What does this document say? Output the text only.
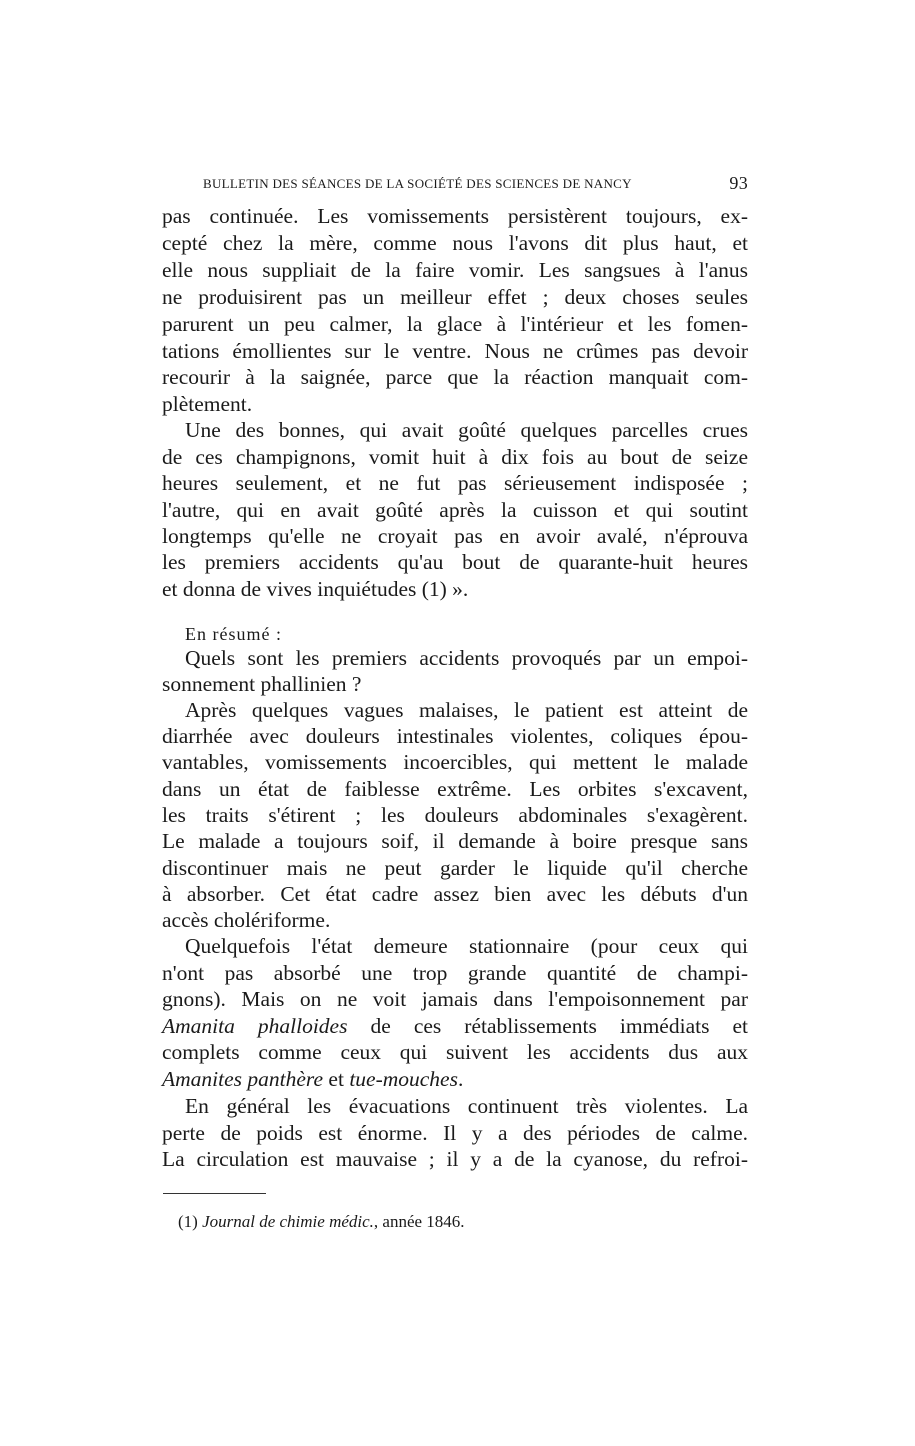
BULLETIN DES SÉANCES DE LA SOCIÉTÉ DES SCIENCES DE NANCY	93
pas continuée. Les vomissements persistèrent toujours, ex-
cepté chez la mère, comme nous l'avons dit plus haut, et
elle nous suppliait de la faire vomir. Les sangsues à l'anus
ne produisirent pas un meilleur effet ; deux choses seules
parurent un peu calmer, la glace à l'intérieur et les fomen-
tations émollientes sur le ventre. Nous ne crûmes pas devoir
recourir à la saignée, parce que la réaction manquait com-
plètement.
Une des bonnes, qui avait goûté quelques parcelles crues
de ces champignons, vomit huit à dix fois au bout de seize
heures seulement, et ne fut pas sérieusement indisposée ;
l'autre, qui en avait goûté après la cuisson et qui soutint
longtemps qu'elle ne croyait pas en avoir avalé, n'éprouva
les premiers accidents qu'au bout de quarante-huit heures
et donna de vives inquiétudes (1) ».
En résumé :
Quels sont les premiers accidents provoqués par un empoi-
sonnement phallinien ?
Après quelques vagues malaises, le patient est atteint de
diarrhée avec douleurs intestinales violentes, coliques épou-
vantables, vomissements incoercibles, qui mettent le malade
dans un état de faiblesse extrême. Les orbites s'excavent,
les traits s'étirent ; les douleurs abdominales s'exagèrent.
Le malade a toujours soif, il demande à boire presque sans
discontinuer mais ne peut garder le liquide qu'il cherche
à absorber. Cet état cadre assez bien avec les débuts d'un
accès cholériforme.
Quelquefois l'état demeure stationnaire (pour ceux qui
n'ont pas absorbé une trop grande quantité de champi-
gnons). Mais on ne voit jamais dans l'empoisonnement par
Amanita phalloides de ces rétablissements immédiats et
complets comme ceux qui suivent les accidents dus aux
Amanites panthère et tue-mouches.
En général les évacuations continuent très violentes. La
perte de poids est énorme. Il y a des périodes de calme.
La circulation est mauvaise ; il y a de la cyanose, du refroi-
(1) Journal de chimie médic., année 1846.
